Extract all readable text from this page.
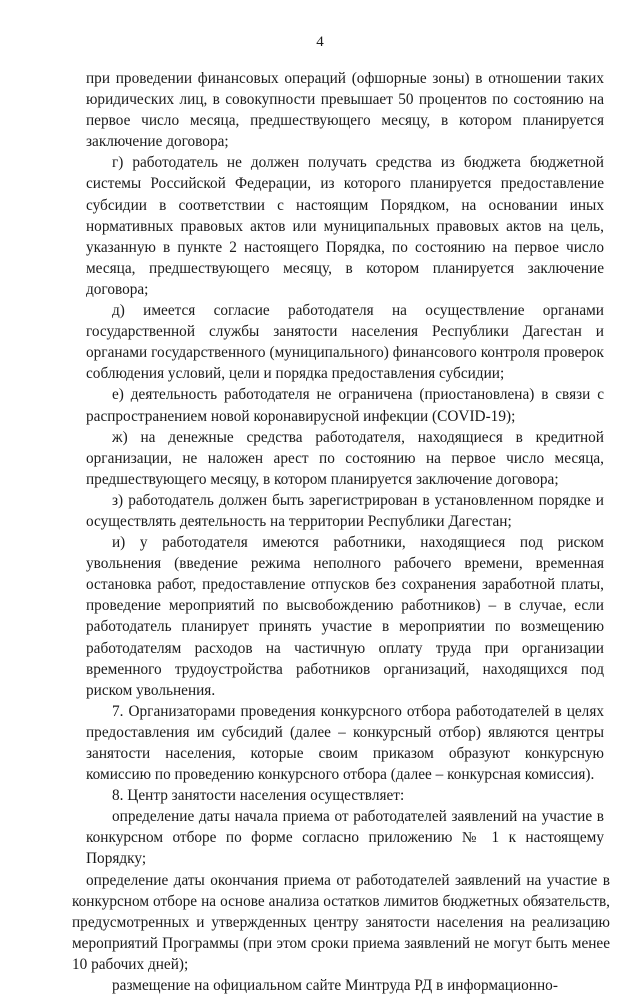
4

при проведении финансовых операций (офшорные зоны) в отношении таких юридических лиц, в совокупности превышает 50 процентов по состоянию на первое число месяца, предшествующего месяцу, в котором планируется заключение договора;

г) работодатель не должен получать средства из бюджета бюджетной системы Российской Федерации, из которого планируется предоставление субсидии в соответствии с настоящим Порядком, на основании иных нормативных правовых актов или муниципальных правовых актов на цель, указанную в пункте 2 настоящего Порядка, по состоянию на первое число месяца, предшествующего месяцу, в котором планируется заключение договора;

д) имеется согласие работодателя на осуществление органами государственной службы занятости населения Республики Дагестан и органами государственного (муниципального) финансового контроля проверок соблюдения условий, цели и порядка предоставления субсидии;

е) деятельность работодателя не ограничена (приостановлена) в связи с распространением новой коронавирусной инфекции (COVID-19);

ж) на денежные средства работодателя, находящиеся в кредитной организации, не наложен арест по состоянию на первое число месяца, предшествующего месяцу, в котором планируется заключение договора;

з) работодатель должен быть зарегистрирован в установленном порядке и осуществлять деятельность на территории Республики Дагестан;

и) у работодателя имеются работники, находящиеся под риском увольнения (введение режима неполного рабочего времени, временная остановка работ, предоставление отпусков без сохранения заработной платы, проведение мероприятий по высвобождению работников) – в случае, если работодатель планирует принять участие в мероприятии по возмещению работодателям расходов на частичную оплату труда при организации временного трудоустройства работников организаций, находящихся под риском увольнения.

7. Организаторами проведения конкурсного отбора работодателей в целях предоставления им субсидий (далее – конкурсный отбор) являются центры занятости населения, которые своим приказом образуют конкурсную комиссию по проведению конкурсного отбора (далее – конкурсная комиссия).

8. Центр занятости населения осуществляет:

определение даты начала приема от работодателей заявлений на участие в конкурсном отборе по форме согласно приложению № 1 к настоящему Порядку;

определение даты окончания приема от работодателей заявлений на участие в конкурсном отборе на основе анализа остатков лимитов бюджетных обязательств, предусмотренных и утвержденных центру занятости населения на реализацию мероприятий Программы (при этом сроки приема заявлений не могут быть менее 10 рабочих дней);

размещение на официальном сайте Минтруда РД в информационно-
